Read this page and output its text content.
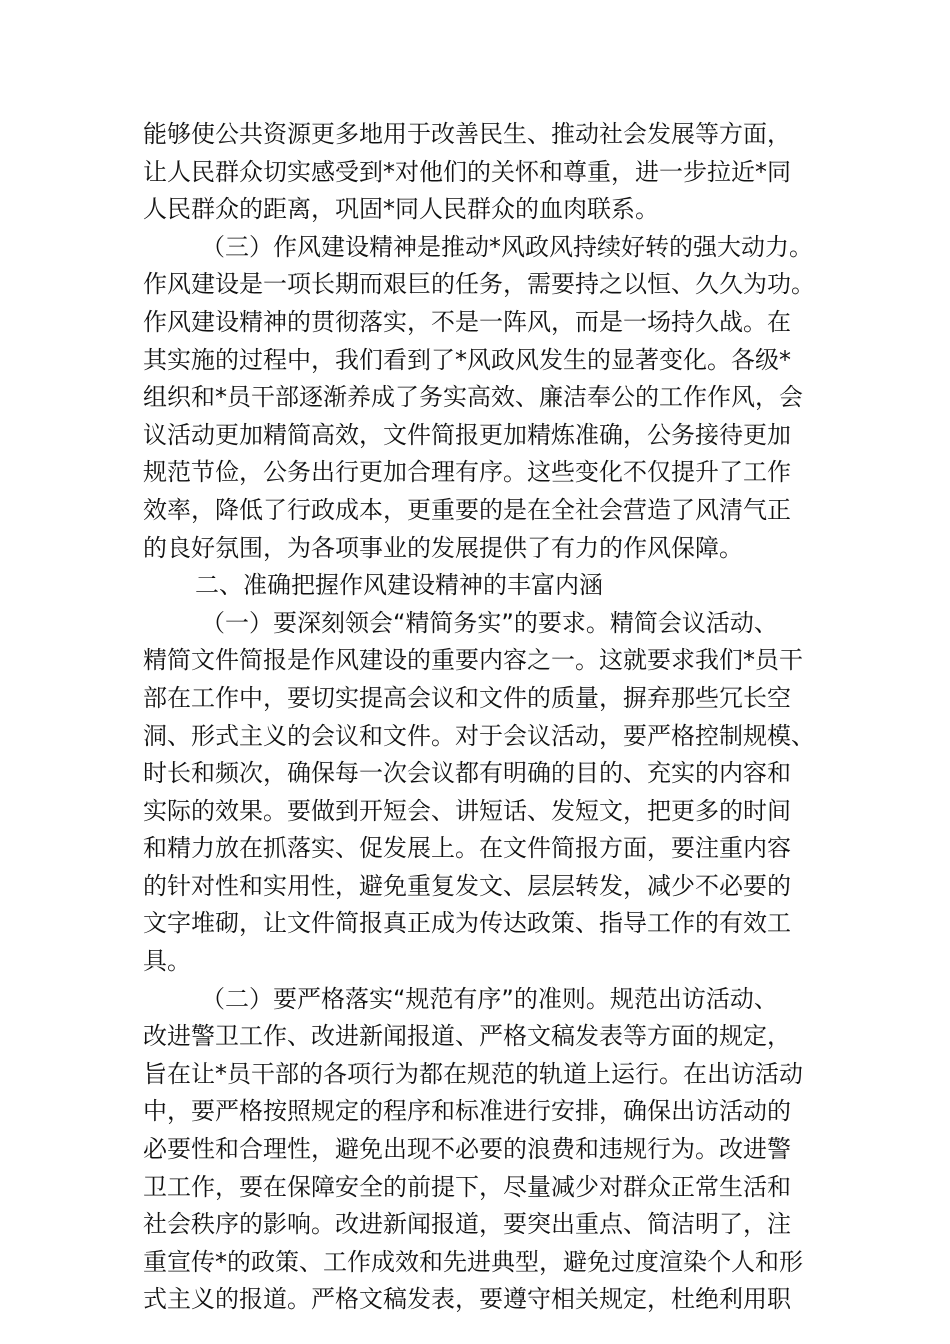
能够使公共资源更多地用于改善民生、推动社会发展等方面，
让人民群众切实感受到*对他们的关怀和尊重，进一步拉近*同
人民群众的距离，巩固*同人民群众的血肉联系。
（三）作风建设精神是推动*风政风持续好转的强大动力。
作风建设是一项长期而艰巨的任务，需要持之以恒、久久为功。
作风建设精神的贯彻落实，不是一阵风，而是一场持久战。在
其实施的过程中，我们看到了*风政风发生的显著变化。各级*
组织和*员干部逐渐养成了务实高效、廉洁奉公的工作作风，会
议活动更加精简高效，文件简报更加精炼准确，公务接待更加
规范节俭，公务出行更加合理有序。这些变化不仅提升了工作
效率，降低了行政成本，更重要的是在全社会营造了风清气正
的良好氛围，为各项事业的发展提供了有力的作风保障。
二、准确把握作风建设精神的丰富内涵
（一）要深刻领会“精简务实”的要求。精简会议活动、
精简文件简报是作风建设的重要内容之一。这就要求我们*员干
部在工作中，要切实提高会议和文件的质量，摒弃那些冗长空
洞、形式主义的会议和文件。对于会议活动，要严格控制规模、
时长和频次，确保每一次会议都有明确的目的、充实的内容和
实际的效果。要做到开短会、讲短话、发短文，把更多的时间
和精力放在抓落实、促发展上。在文件简报方面，要注重内容
的针对性和实用性，避免重复发文、层层转发，减少不必要的
文字堆砌，让文件简报真正成为传达政策、指导工作的有效工
具。
（二）要严格落实“规范有序”的准则。规范出访活动、
改进警卫工作、改进新闻报道、严格文稿发表等方面的规定，
旨在让*员干部的各项行为都在规范的轨道上运行。在出访活动
中，要严格按照规定的程序和标准进行安排，确保出访活动的
必要性和合理性，避免出现不必要的浪费和违规行为。改进警
卫工作，要在保障安全的前提下，尽量减少对群众正常生活和
社会秩序的影响。改进新闻报道，要突出重点、简洁明了，注
重宣传*的政策、工作成效和先进典型，避免过度渲染个人和形
式主义的报道。严格文稿发表，要遵守相关规定，杜绝利用职
